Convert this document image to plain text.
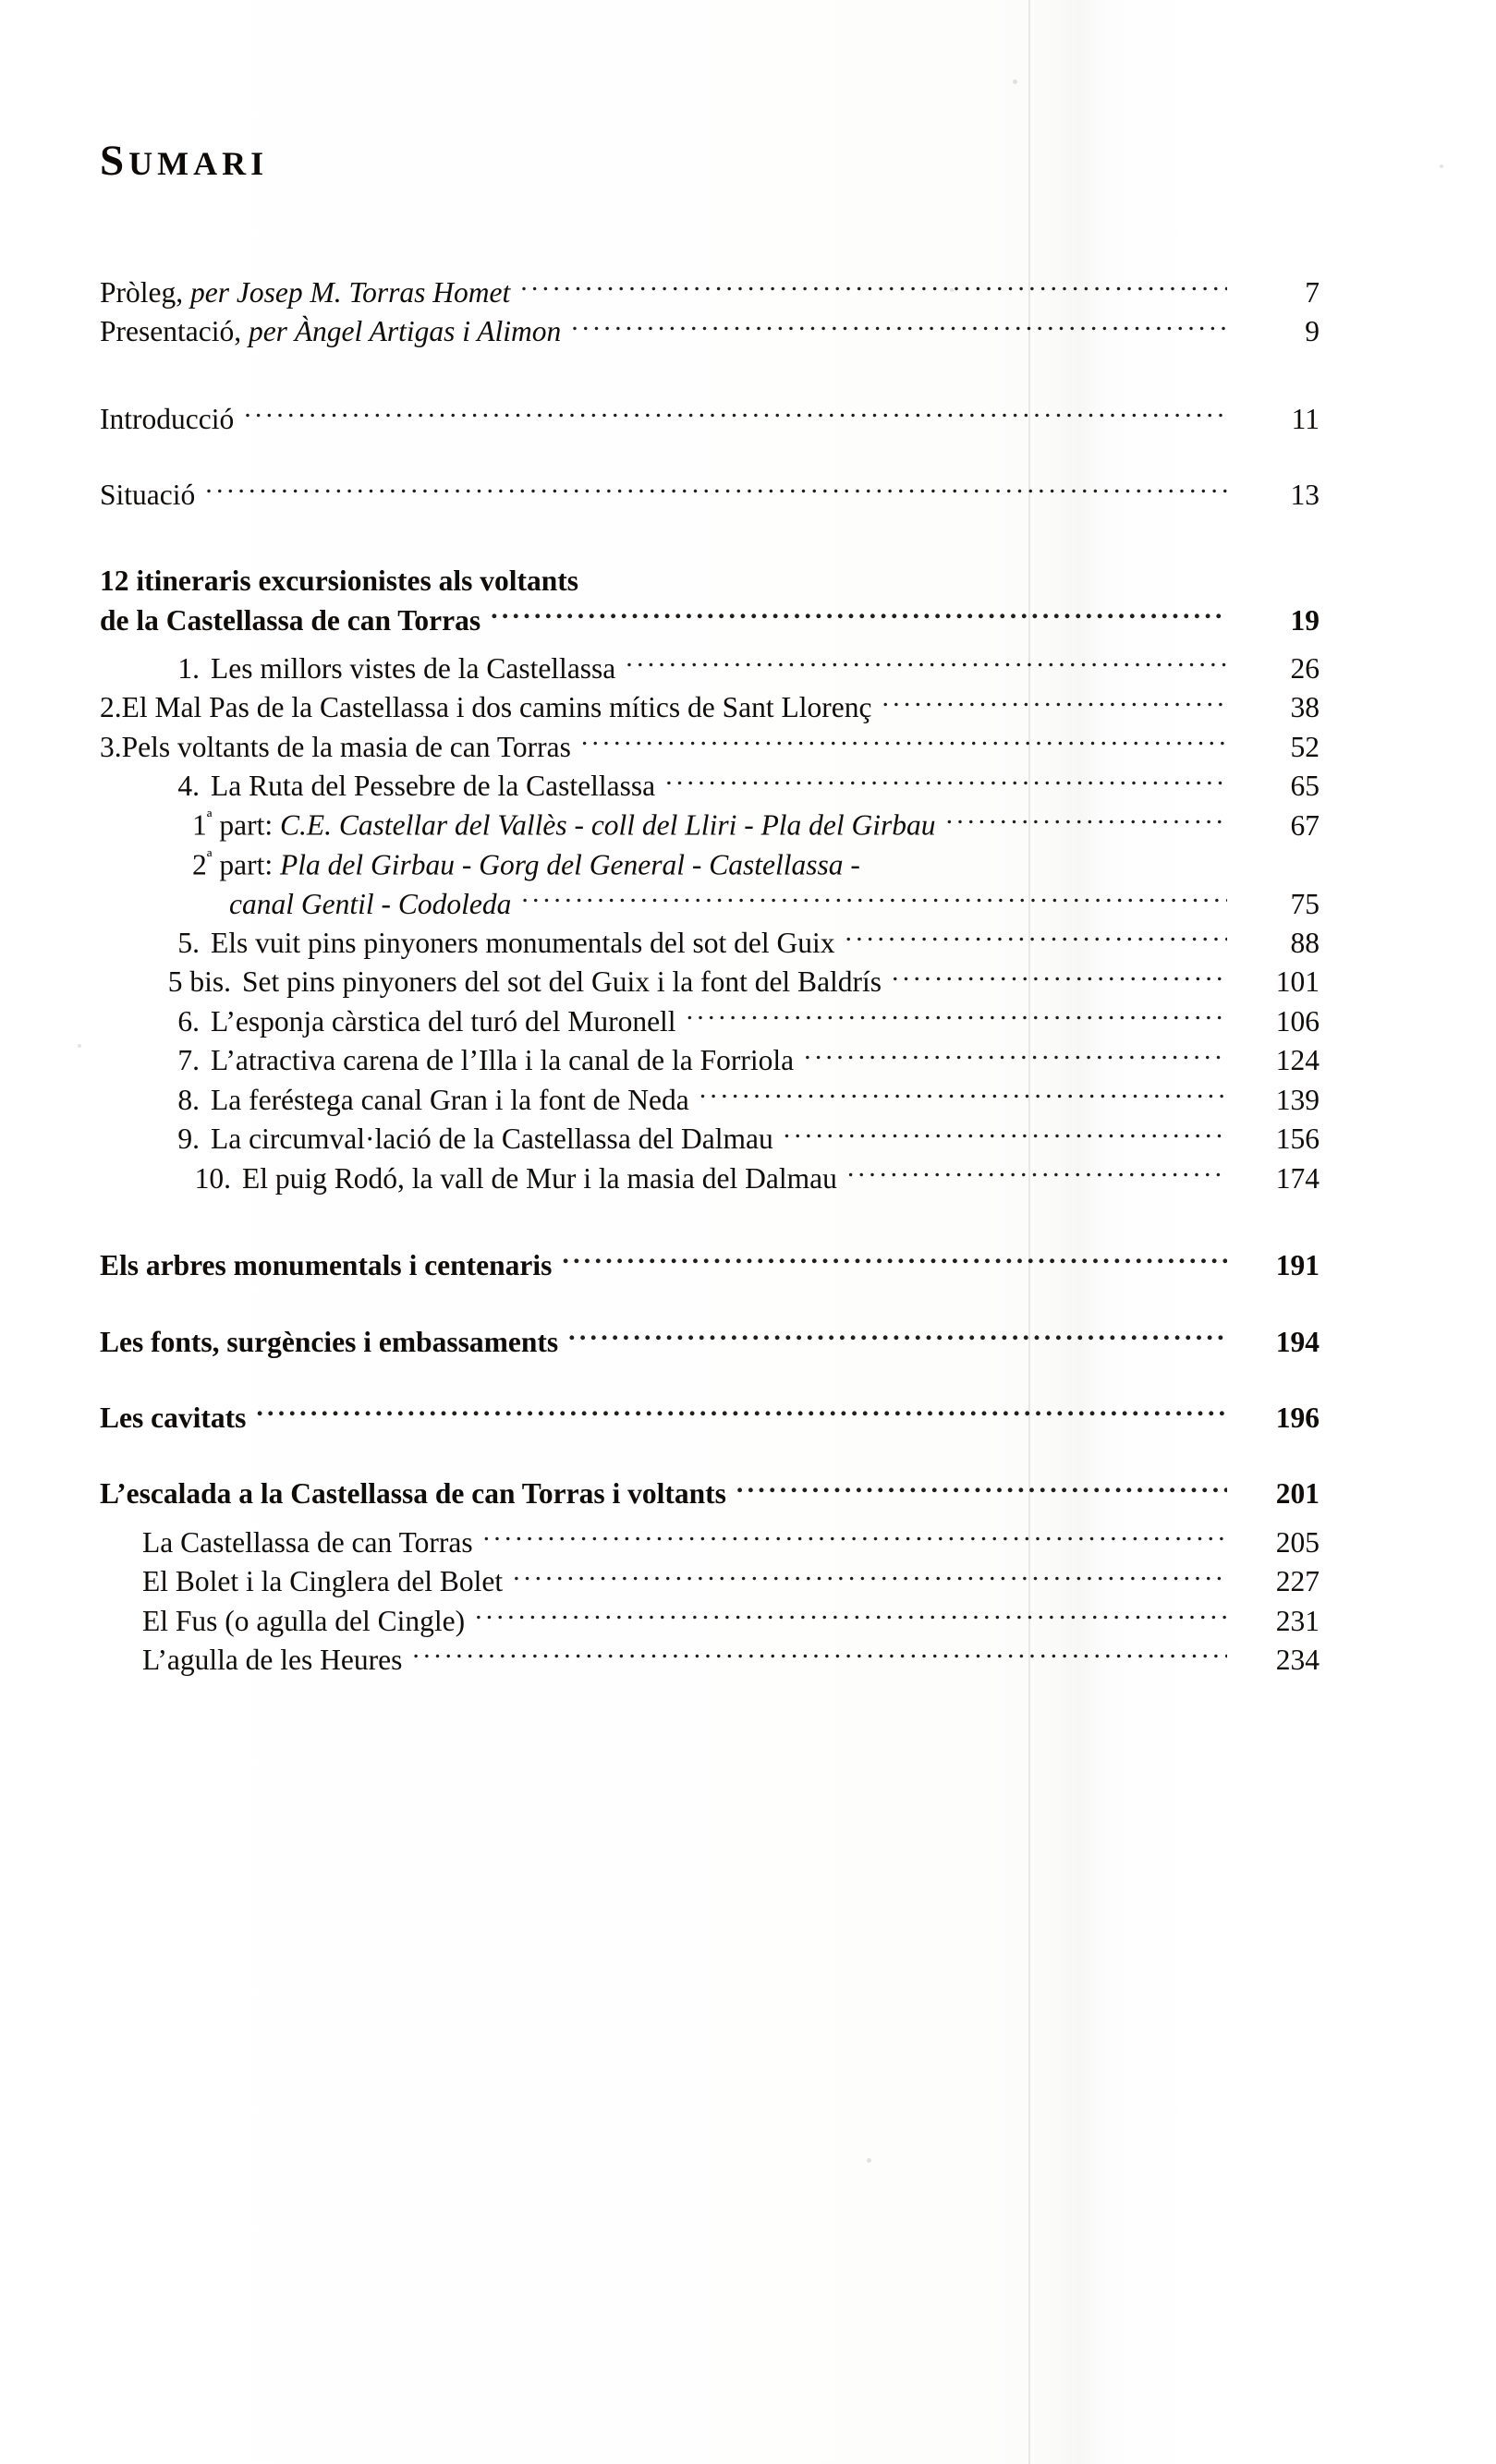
SUMARI
Pròleg, per Josep M. Torras Homet .....	7
Presentació, per Àngel Artigas i Alimon .....	9
Introducció .....	11
Situació .....	13
12 itineraris excursionistes als voltants
de la Castellassa de can Torras .....	19
1. Les millors vistes de la Castellassa .....	26
2.El Mal Pas de la Castellassa i dos camins mítics de Sant Llorenç .....	38
3.Pels voltants de la masia de can Torras .....	52
4. La Ruta del Pessebre de la Castellassa .....	65
$1^ª$ part: C.E. Castellar del Vallès - coll del Lliri - Pla del Girbau .....	67
$2^ª$ part: Pla del Girbau - Gorg del General - Castellassa -
canal Gentil - Codoleda .....	75
5. Els vuit pins pinyoners monumentals del sot del Guix .....	88
5 bis. Set pins pinyoners del sot del Guix i la font del Baldrís .....	101
6. L’esponja càrstica del turó del Muronell .....	106
7. L’atractiva carena de l’Illa i la canal de la Forriola .....	124
8. La feréstega canal Gran i la font de Neda .....	139
9. La circumval·lació de la Castellassa del Dalmau .....	156
10. El puig Rodó, la vall de Mur i la masia del Dalmau .....	174
Els arbres monumentals i centenaris .....	191
Les fonts, surgències i embassaments .....	194
Les cavitats .....	196
L’escalada a la Castellassa de can Torras i voltants .....	201
La Castellassa de can Torras .....	205
El Bolet i la Cinglera del Bolet .....	227
El Fus (o agulla del Cingle) .....	231
L’agulla de les Heures .....	234
